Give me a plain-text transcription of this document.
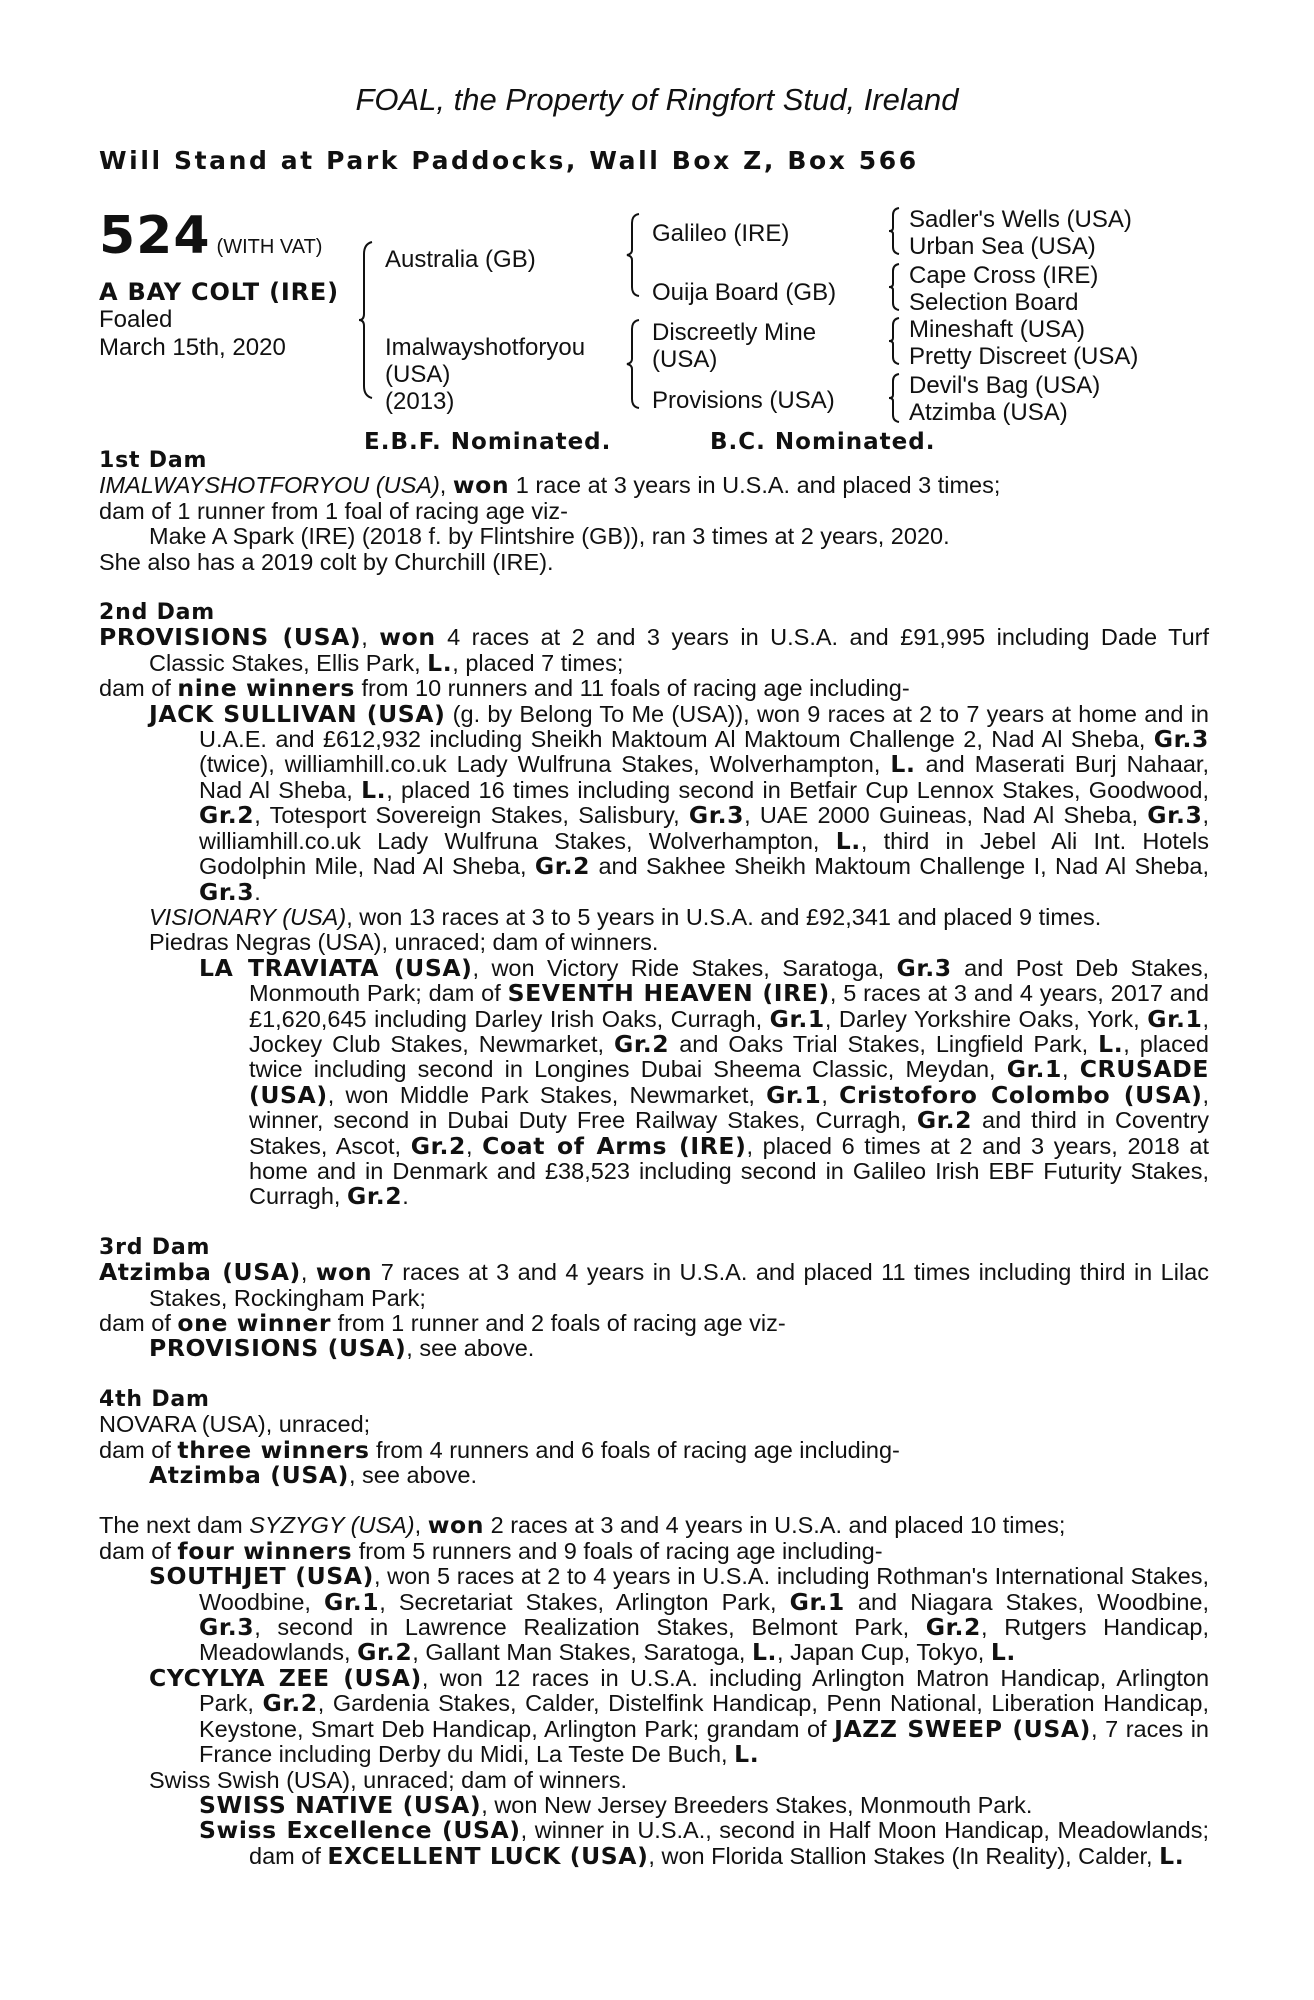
FOAL, the Property of Ringfort Stud, Ireland
Will Stand at Park Paddocks, Wall Box Z, Box 566
524 (WITH VAT)
A BAY COLT (IRE)
Foaled
March 15th, 2020
Australia (GB)
Imalwayshotforyou
(USA)
(2013)
Galileo (IRE)
Ouija Board (GB)
Discreetly Mine
(USA)
Provisions (USA)
Sadler's Wells (USA)
Urban Sea (USA)
Cape Cross (IRE)
Selection Board
Mineshaft (USA)
Pretty Discreet (USA)
Devil's Bag (USA)
Atzimba (USA)
E.B.F. Nominated.	B.C. Nominated.

1st Dam

IMALWAYSHOTFORYOU (USA), won 1 race at 3 years in U.S.A. and placed 3 times;

dam of 1 runner from 1 foal of racing age viz-

Make A Spark (IRE) (2018 f. by Flintshire (GB)), ran 3 times at 2 years, 2020.

She also has a 2019 colt by Churchill (IRE).

2nd Dam

PROVISIONS (USA), won 4 races at 2 and 3 years in U.S.A. and £91,995 including Dade Turf Classic Stakes, Ellis Park, L., placed 7 times;

dam of nine winners from 10 runners and 11 foals of racing age including-

JACK SULLIVAN (USA) (g. by Belong To Me (USA)), won 9 races at 2 to 7 years at home and in U.A.E. and £612,932 including Sheikh Maktoum Al Maktoum Challenge 2, Nad Al Sheba, Gr.3 (twice), williamhill.co.uk Lady Wulfruna Stakes, Wolverhampton, L. and Maserati Burj Nahaar, Nad Al Sheba, L., placed 16 times including second in Betfair Cup Lennox Stakes, Goodwood, Gr.2, Totesport Sovereign Stakes, Salisbury, Gr.3, UAE 2000 Guineas, Nad Al Sheba, Gr.3, williamhill.co.uk Lady Wulfruna Stakes, Wolverhampton, L., third in Jebel Ali Int. Hotels Godolphin Mile, Nad Al Sheba, Gr.2 and Sakhee Sheikh Maktoum Challenge I, Nad Al Sheba, Gr.3.

VISIONARY (USA), won 13 races at 3 to 5 years in U.S.A. and £92,341 and placed 9 times.

Piedras Negras (USA), unraced; dam of winners.

LA TRAVIATA (USA), won Victory Ride Stakes, Saratoga, Gr.3 and Post Deb Stakes, Monmouth Park; dam of SEVENTH HEAVEN (IRE), 5 races at 3 and 4 years, 2017 and £1,620,645 including Darley Irish Oaks, Curragh, Gr.1, Darley Yorkshire Oaks, York, Gr.1, Jockey Club Stakes, Newmarket, Gr.2 and Oaks Trial Stakes, Lingfield Park, L., placed twice including second in Longines Dubai Sheema Classic, Meydan, Gr.1, CRUSADE (USA), won Middle Park Stakes, Newmarket, Gr.1, Cristoforo Colombo (USA), winner, second in Dubai Duty Free Railway Stakes, Curragh, Gr.2 and third in Coventry Stakes, Ascot, Gr.2, Coat of Arms (IRE), placed 6 times at 2 and 3 years, 2018 at home and in Denmark and £38,523 including second in Galileo Irish EBF Futurity Stakes, Curragh, Gr.2.

3rd Dam

Atzimba (USA), won 7 races at 3 and 4 years in U.S.A. and placed 11 times including third in Lilac Stakes, Rockingham Park;

dam of one winner from 1 runner and 2 foals of racing age viz-

PROVISIONS (USA), see above.

4th Dam

NOVARA (USA), unraced;

dam of three winners from 4 runners and 6 foals of racing age including-

Atzimba (USA), see above.

The next dam SYZYGY (USA), won 2 races at 3 and 4 years in U.S.A. and placed 10 times;

dam of four winners from 5 runners and 9 foals of racing age including-

SOUTHJET (USA), won 5 races at 2 to 4 years in U.S.A. including Rothman's International Stakes, Woodbine, Gr.1, Secretariat Stakes, Arlington Park, Gr.1 and Niagara Stakes, Woodbine, Gr.3, second in Lawrence Realization Stakes, Belmont Park, Gr.2, Rutgers Handicap, Meadowlands, Gr.2, Gallant Man Stakes, Saratoga, L., Japan Cup, Tokyo, L.

CYCYLYA ZEE (USA), won 12 races in U.S.A. including Arlington Matron Handicap, Arlington Park, Gr.2, Gardenia Stakes, Calder, Distelfink Handicap, Penn National, Liberation Handicap, Keystone, Smart Deb Handicap, Arlington Park; grandam of JAZZ SWEEP (USA), 7 races in France including Derby du Midi, La Teste De Buch, L.

Swiss Swish (USA), unraced; dam of winners.

SWISS NATIVE (USA), won New Jersey Breeders Stakes, Monmouth Park.

Swiss Excellence (USA), winner in U.S.A., second in Half Moon Handicap, Meadowlands; dam of EXCELLENT LUCK (USA), won Florida Stallion Stakes (In Reality), Calder, L.
